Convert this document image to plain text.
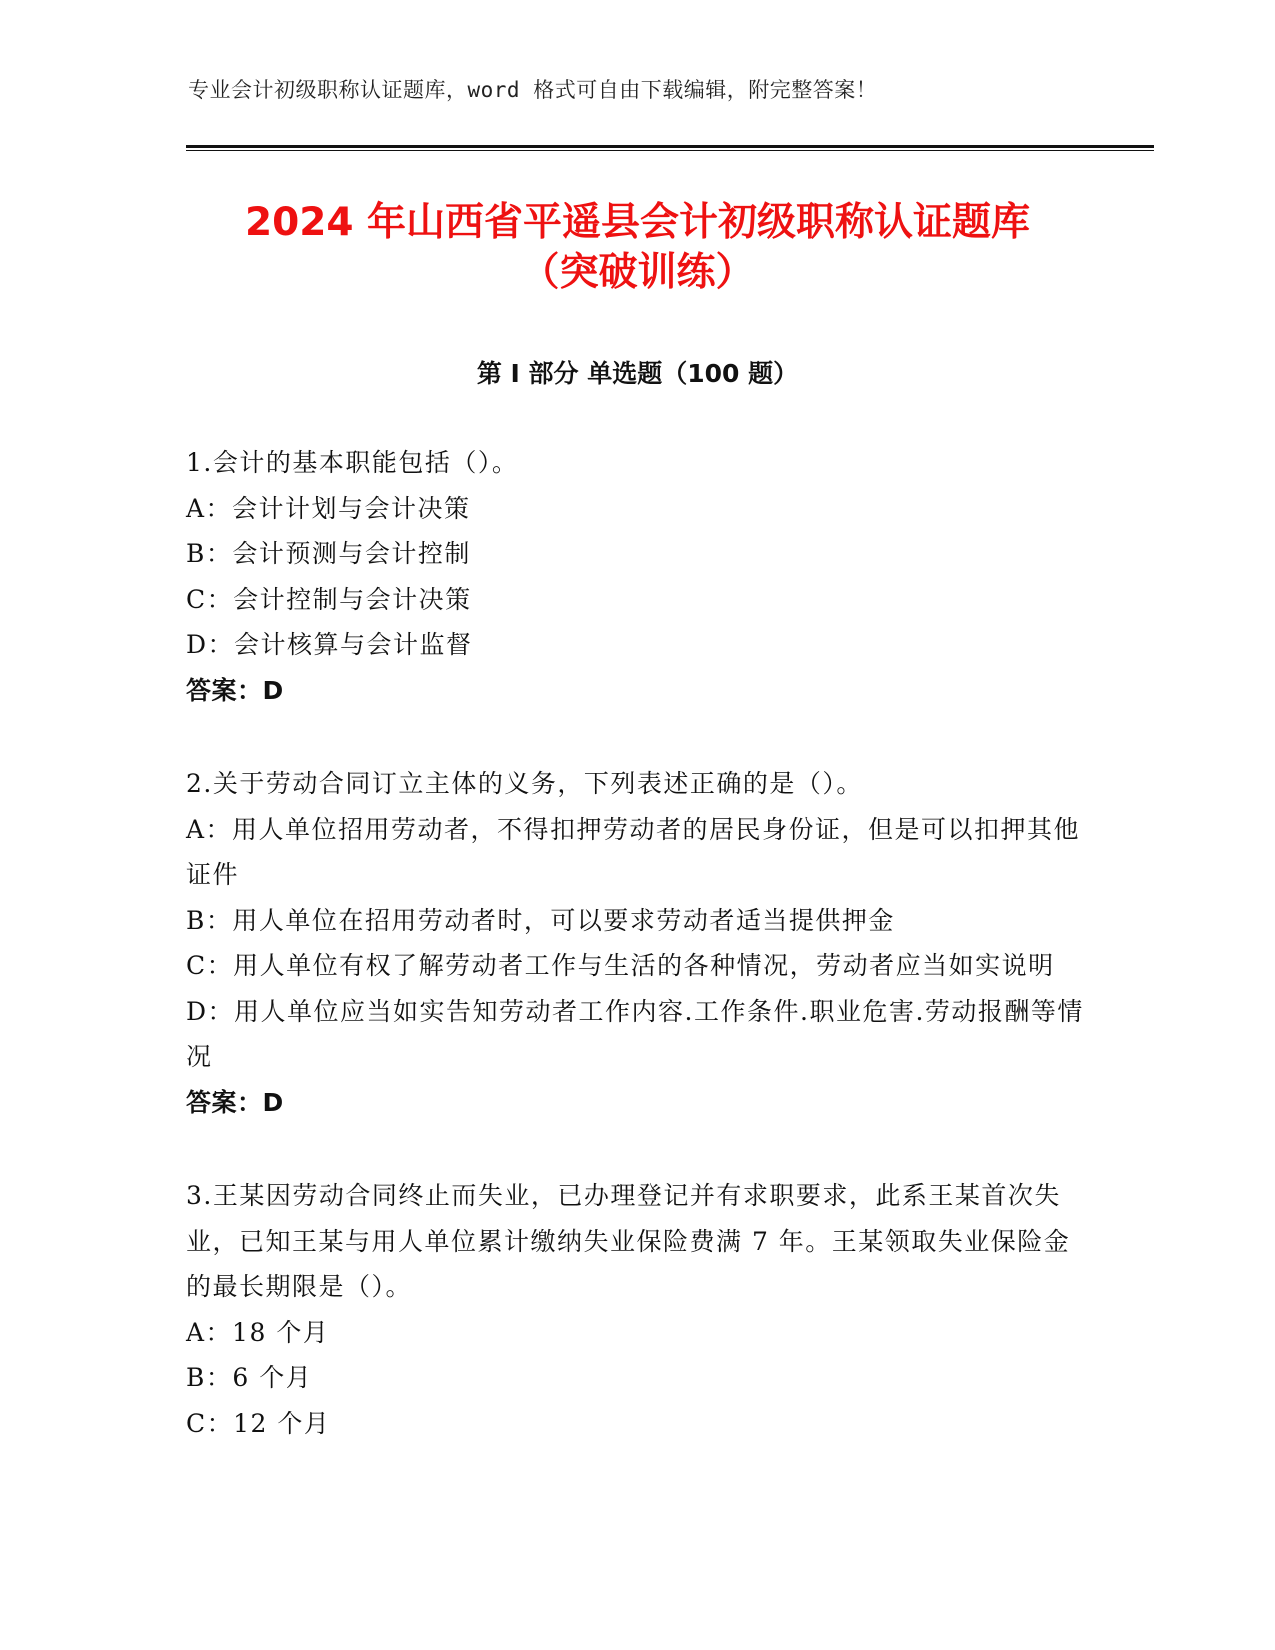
专业会计初级职称认证题库，word 格式可自由下载编辑，附完整答案！
2024 年山西省平遥县会计初级职称认证题库
（突破训练）
第 I 部分 单选题（100 题）

1.会计的基本职能包括（）。

A：会计计划与会计决策

B：会计预测与会计控制

C：会计控制与会计决策

D：会计核算与会计监督

答案：D

2.关于劳动合同订立主体的义务，下列表述正确的是（）。

A：用人单位招用劳动者，不得扣押劳动者的居民身份证，但是可以扣押其他证件

B：用人单位在招用劳动者时，可以要求劳动者适当提供押金

C：用人单位有权了解劳动者工作与生活的各种情况，劳动者应当如实说明

D：用人单位应当如实告知劳动者工作内容.工作条件.职业危害.劳动报酬等情况

答案：D

3.王某因劳动合同终止而失业，已办理登记并有求职要求，此系王某首次失业，已知王某与用人单位累计缴纳失业保险费满 7 年。王某领取失业保险金的最长期限是（）。

A：18 个月

B：6 个月

C：12 个月
